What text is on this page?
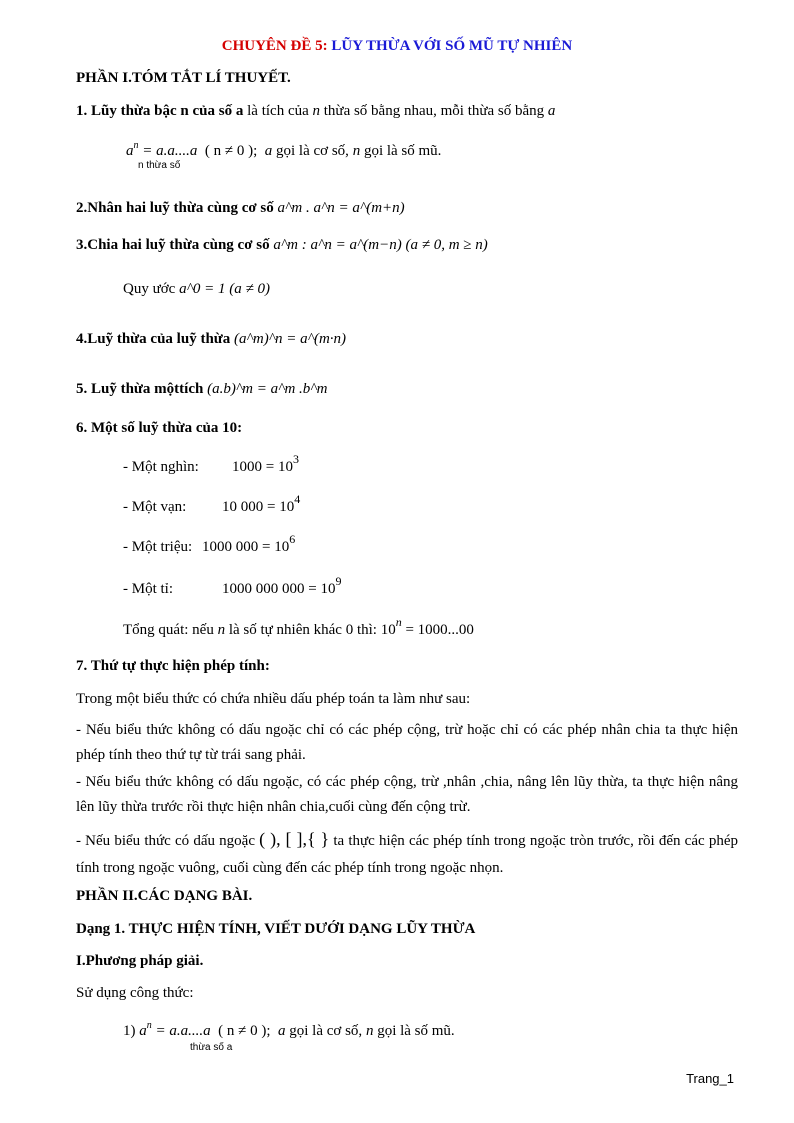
CHUYÊN ĐỀ 5: LŨY THỪA VỚI SỐ MŨ TỰ NHIÊN
PHẦN I.TÓM TẮT LÍ THUYẾT.
1. Lũy thừa bậc n của số a là tích của n thừa số bằng nhau, mỗi thừa số bằng a
$a^n = a.a....a$ ( n ≠ 0 ); a gọi là cơ số, n gọi là số mũ.
n thừa số
2.Nhân hai luỹ thừa cùng cơ số a^m . a^n = a^(m+n)
3.Chia hai luỹ thừa cùng cơ số a^m : a^n = a^(m−n) (a ≠ 0, m ≥ n)
Quy ước a^0 = 1 (a ≠ 0)
4.Luỹ thừa của luỹ thừa (a^m)^n = a^(m·n)
5. Luỹ thừa mộttích (a.b)^m = a^m .b^m
6. Một số luỹ thừa của 10:
- Một nghìn: $1000 = 10^3$
- Một vạn: 10 $000 = 10^4$
- Một triệu: 1000 $000 = 10^6$
- Một tỉ:	1000 000 $000 = 10^9$
Tổng quát: nếu n là số tự nhiên khác 0 thì: $10^n = 1000...00$
7. Thứ tự thực hiện phép tính:
Trong một biểu thức có chứa nhiều dấu phép toán ta làm như sau:
- Nếu biểu thức không có dấu ngoặc chỉ có các phép cộng, trừ hoặc chỉ có các phép nhân chia ta thực hiện phép tính theo thứ tự từ trái sang phải.
- Nếu biểu thức không có dấu ngoặc, có các phép cộng, trừ ,nhân ,chia, nâng lên lũy thừa, ta thực hiện nâng lên lũy thừa trước rồi thực hiện nhân chia,cuối cùng đến cộng trừ.
- Nếu biểu thức có dấu ngoặc ( ), [ ],{ } ta thực hiện các phép tính trong ngoặc tròn trước, rồi đến các phép tính trong ngoặc vuông, cuối cùng đến các phép tính trong ngoặc nhọn.
PHẦN II.CÁC DẠNG BÀI.
Dạng 1. THỰC HIỆN TÍNH, VIẾT DƯỚI DẠNG LŨY THỪA
I.Phương pháp giải.
Sử dụng công thức:
1) $a^n = a.a....a$ ( n ≠ 0 ); a gọi là cơ số, n gọi là số mũ.
thừa số a
Trang_1
